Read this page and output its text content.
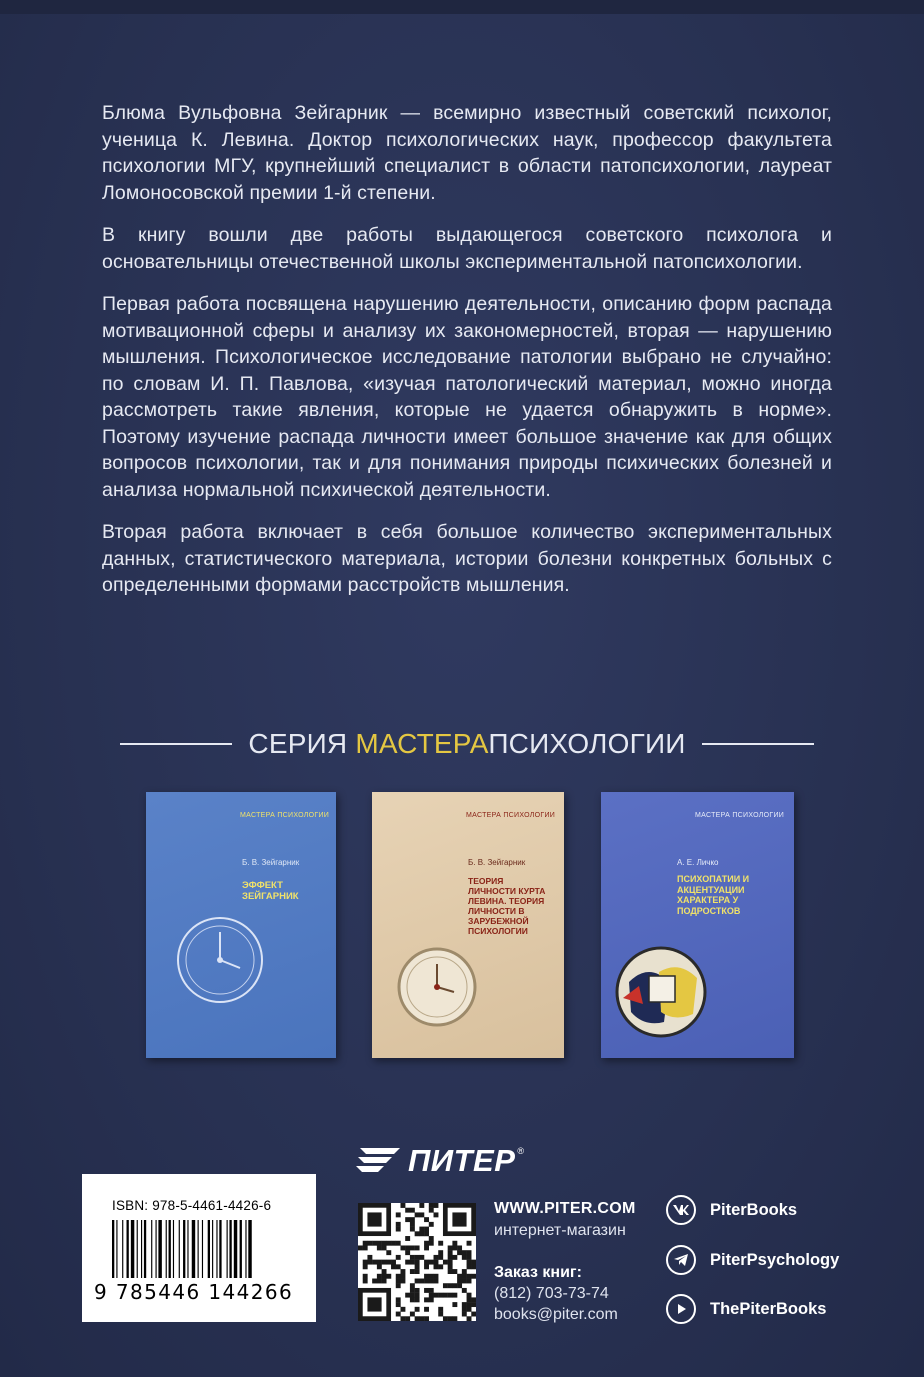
Блюма Вульфовна Зейгарник — всемирно известный советский психолог, ученица К. Левина. Доктор психологических наук, профессор факультета психологии МГУ, крупнейший специалист в области патопсихологии, лауреат Ломоносовской премии 1-й степени.

В книгу вошли две работы выдающегося советского психолога и основательницы отечественной школы экспериментальной патопсихологии.

Первая работа посвящена нарушению деятельности, описанию форм распада мотивационной сферы и анализу их закономерностей, вторая — нарушению мышления. Психологическое исследование патологии выбрано не случайно: по словам И. П. Павлова, «изучая патологический материал, можно иногда рассмотреть такие явления, которые не удается обнаружить в норме». Поэтому изучение распада личности имеет большое значение как для общих вопросов психологии, так и для понимания природы психических болезней и анализа нормальной психической деятельности.

Вторая работа включает в себя большое количество экспериментальных данных, статистического материала, истории болезни конкретных больных с определенными формами расстройств мышления.

СЕРИЯ МАСТЕРАПСИХОЛОГИИ
МАСТЕРА ПСИХОЛОГИИ
Б. В. Зейгарник
ЭФФЕКТ ЗЕЙГАРНИК
МАСТЕРА ПСИХОЛОГИИ
Б. В. Зейгарник
ТЕОРИЯ ЛИЧНОСТИ КУРТА ЛЕВИНА. ТЕОРИЯ ЛИЧНОСТИ В ЗАРУБЕЖНОЙ ПСИХОЛОГИИ
МАСТЕРА ПСИХОЛОГИИ
А. Е. Личко
ПСИХОПАТИИ И АКЦЕНТУАЦИИ ХАРАКТЕРА У ПОДРОСТКОВ
ПИТЕР ®
ISBN: 978-5-4461-4426-6
9 785446 144266
WWW.PITER.COM
интернет-магазин
Заказ книг:
(812) 703-73-74
books@piter.com
PiterBooks
PiterPsychology
ThePiterBooks
